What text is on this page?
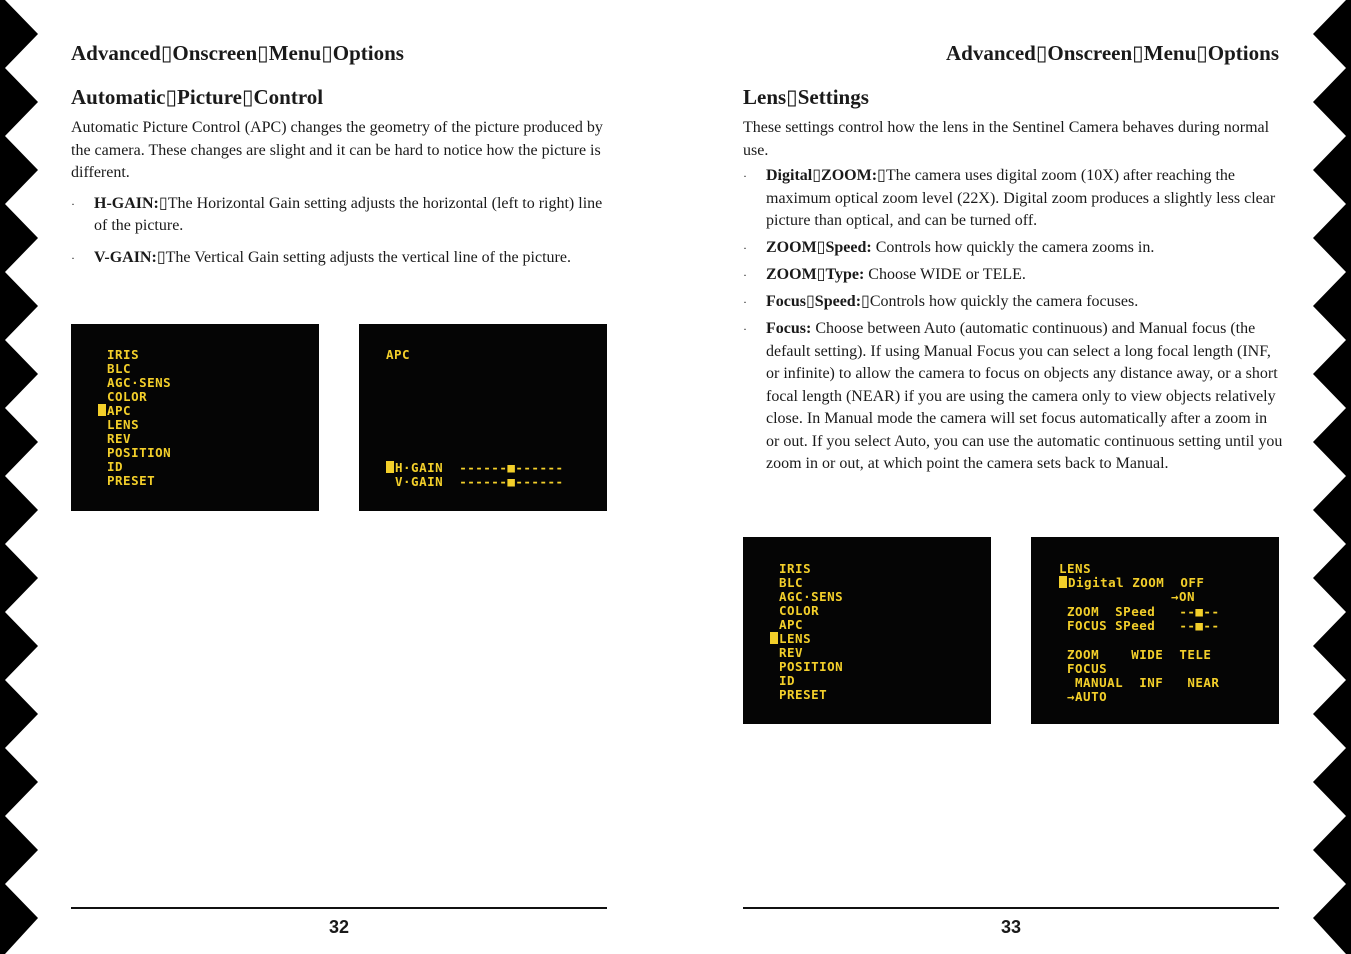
Advanced▯Onscreen▯Menu▯Options
Automatic▯Picture▯Control

Automatic Picture Control (APC) changes the geometry of the picture produced by the camera. These changes are slight and it can be hard to notice how the picture is different.

· H-GAIN:▯The Horizontal Gain setting adjusts the horizontal (left to right) line of the picture.
· V-GAIN:▯The Vertical Gain setting adjusts the vertical line of the picture.
IRIS
BLC
AGC·SENS
COLOR
APC
LENS
REV
POSITION
ID
PRESET
APC
H·GAIN  ------■------
V·GAIN  ------■------
32
Advanced▯Onscreen▯Menu▯Options
Lens▯Settings

These settings control how the lens in the Sentinel Camera behaves during normal use.

· Digital▯ZOOM:▯The camera uses digital zoom (10X) after reaching the maximum optical zoom level (22X). Digital zoom produces a slightly less clear picture than optical, and can be turned off.
· ZOOM▯Speed: Controls how quickly the camera zooms in.
· ZOOM▯Type: Choose WIDE or TELE.
· Focus▯Speed:▯Controls how quickly the camera focuses.
· Focus: Choose between Auto (automatic continuous) and Manual focus (the default setting). If using Manual Focus you can select a long focal length (INF, or infinite) to allow the camera to focus on objects any distance away, or a short focal length (NEAR) if you are using the camera only to view objects relatively close. In Manual mode the camera will set focus automatically after a zoom in or out. If you select Auto, you can use the automatic continuous setting until you zoom in or out, at which point the camera sets back to Manual.
IRIS
BLC
AGC·SENS
COLOR
APC
LENS
REV
POSITION
ID
PRESET
LENS
Digital ZOOM  OFF
→ON
ZOOM  SPeed   --■--
FOCUS SPeed   --■--
ZOOM    WIDE  TELE
FOCUS
MANUAL  INF   NEAR
→AUTO
33
